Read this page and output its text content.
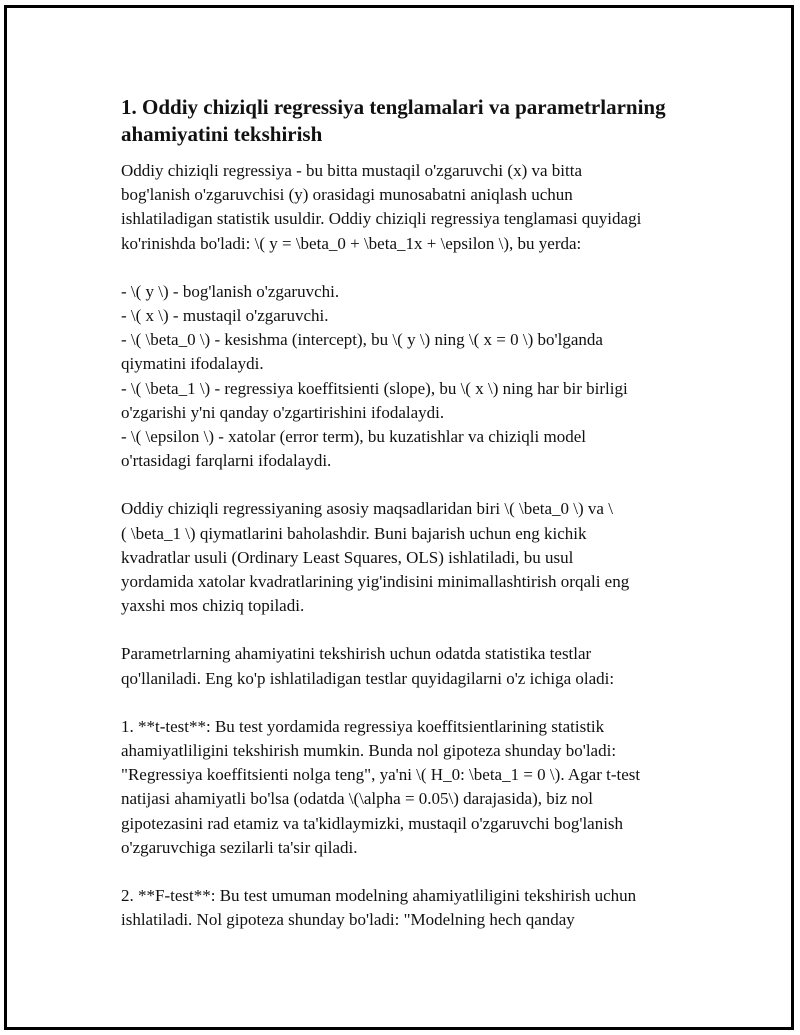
1. Oddiy chiziqli regressiya tenglamalari va parametrlarning
ahamiyatini tekshirish

Oddiy chiziqli regressiya - bu bitta mustaqil o'zgaruvchi (x) va bitta
bog'lanish o'zgaruvchisi (y) orasidagi munosabatni aniqlash uchun
ishlatiladigan statistik usuldir. Oddiy chiziqli regressiya tenglamasi quyidagi
ko'rinishda bo'ladi: \( y = \beta_0 + \beta_1x + \epsilon \), bu yerda:

- \( y \) - bog'lanish o'zgaruvchi.
- \( x \) - mustaqil o'zgaruvchi.
- \( \beta_0 \) - kesishma (intercept), bu \( y \) ning \( x = 0 \) bo'lganda
qiymatini ifodalaydi.
- \( \beta_1 \) - regressiya koeffitsienti (slope), bu \( x \) ning har bir birligi
o'zgarishi y'ni qanday o'zgartirishini ifodalaydi.
- \( \epsilon \) - xatolar (error term), bu kuzatishlar va chiziqli model
o'rtasidagi farqlarni ifodalaydi.

Oddiy chiziqli regressiyaning asosiy maqsadlaridan biri \( \beta_0 \) va \
( \beta_1 \) qiymatlarini baholashdir. Buni bajarish uchun eng kichik
kvadratlar usuli (Ordinary Least Squares, OLS) ishlatiladi, bu usul
yordamida xatolar kvadratlarining yig'indisini minimallashtirish orqali eng
yaxshi mos chiziq topiladi.

Parametrlarning ahamiyatini tekshirish uchun odatda statistika testlar
qo'llaniladi. Eng ko'p ishlatiladigan testlar quyidagilarni o'z ichiga oladi:

1. **t-test**: Bu test yordamida regressiya koeffitsientlarining statistik
ahamiyatliligini tekshirish mumkin. Bunda nol gipoteza shunday bo'ladi:
"Regressiya koeffitsienti nolga teng", ya'ni \( H_0: \beta_1 = 0 \). Agar t-test
natijasi ahamiyatli bo'lsa (odatda \(\alpha = 0.05\) darajasida), biz nol
gipotezasini rad etamiz va ta'kidlaymizki, mustaqil o'zgaruvchi bog'lanish
o'zgaruvchiga sezilarli ta'sir qiladi.

2. **F-test**: Bu test umuman modelning ahamiyatliligini tekshirish uchun
ishlatiladi. Nol gipoteza shunday bo'ladi: "Modelning hech qanday
